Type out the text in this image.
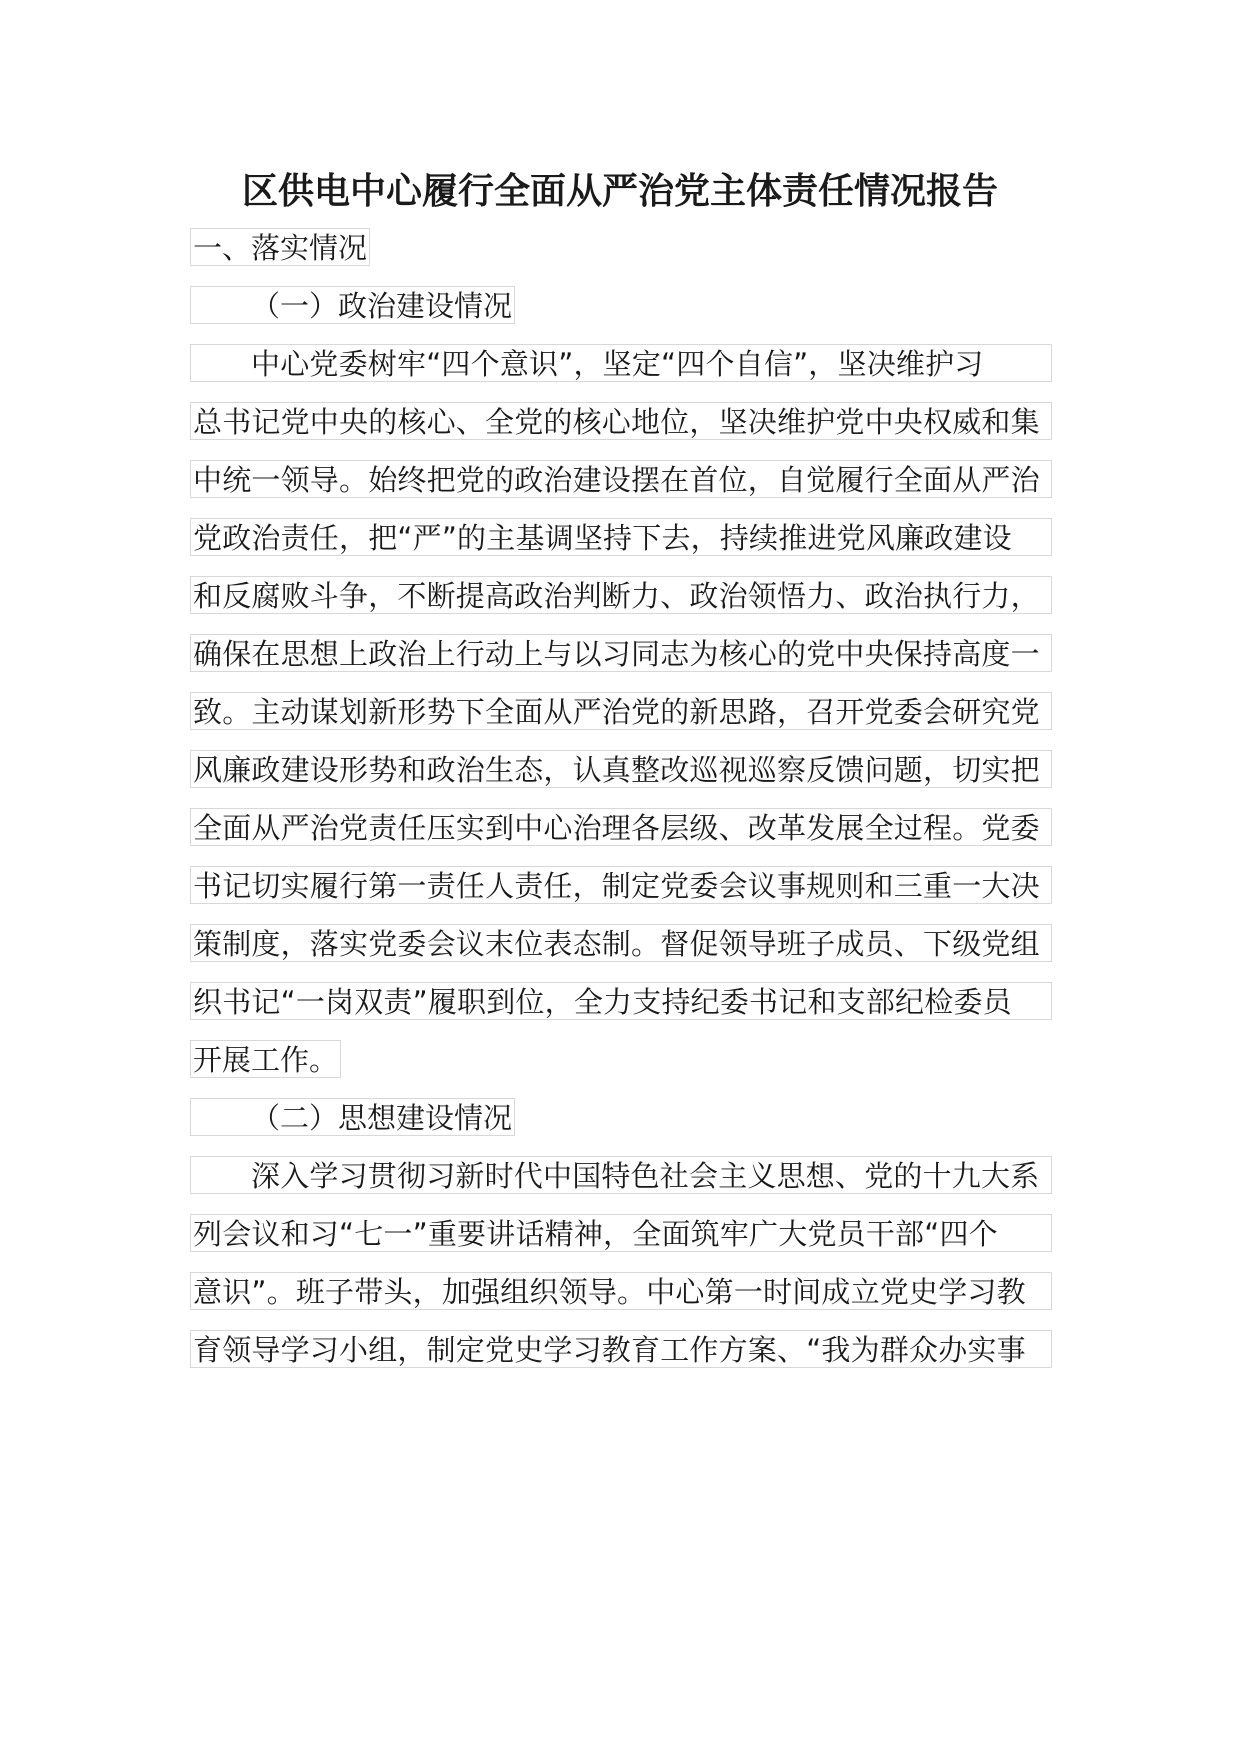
区供电中心履行全面从严治党主体责任情况报告
一、落实情况
（一）政治建设情况
中心党委树牢“四个意识”，坚定“四个自信”，坚决维护习
总书记党中央的核心、全党的核心地位，坚决维护党中央权威和集
中统一领导。始终把党的政治建设摆在首位，自觉履行全面从严治
党政治责任，把“严”的主基调坚持下去，持续推进党风廉政建设
和反腐败斗争，不断提高政治判断力、政治领悟力、政治执行力，
确保在思想上政治上行动上与以习同志为核心的党中央保持高度一
致。主动谋划新形势下全面从严治党的新思路，召开党委会研究党
风廉政建设形势和政治生态，认真整改巡视巡察反馈问题，切实把
全面从严治党责任压实到中心治理各层级、改革发展全过程。党委
书记切实履行第一责任人责任，制定党委会议事规则和三重一大决
策制度，落实党委会议末位表态制。督促领导班子成员、下级党组
织书记“一岗双责”履职到位，全力支持纪委书记和支部纪检委员
开展工作。
（二）思想建设情况
深入学习贯彻习新时代中国特色社会主义思想、党的十九大系
列会议和习“七一”重要讲话精神，全面筑牢广大党员干部“四个
意识”。班子带头，加强组织领导。中心第一时间成立党史学习教
育领导学习小组，制定党史学习教育工作方案、“我为群众办实事
